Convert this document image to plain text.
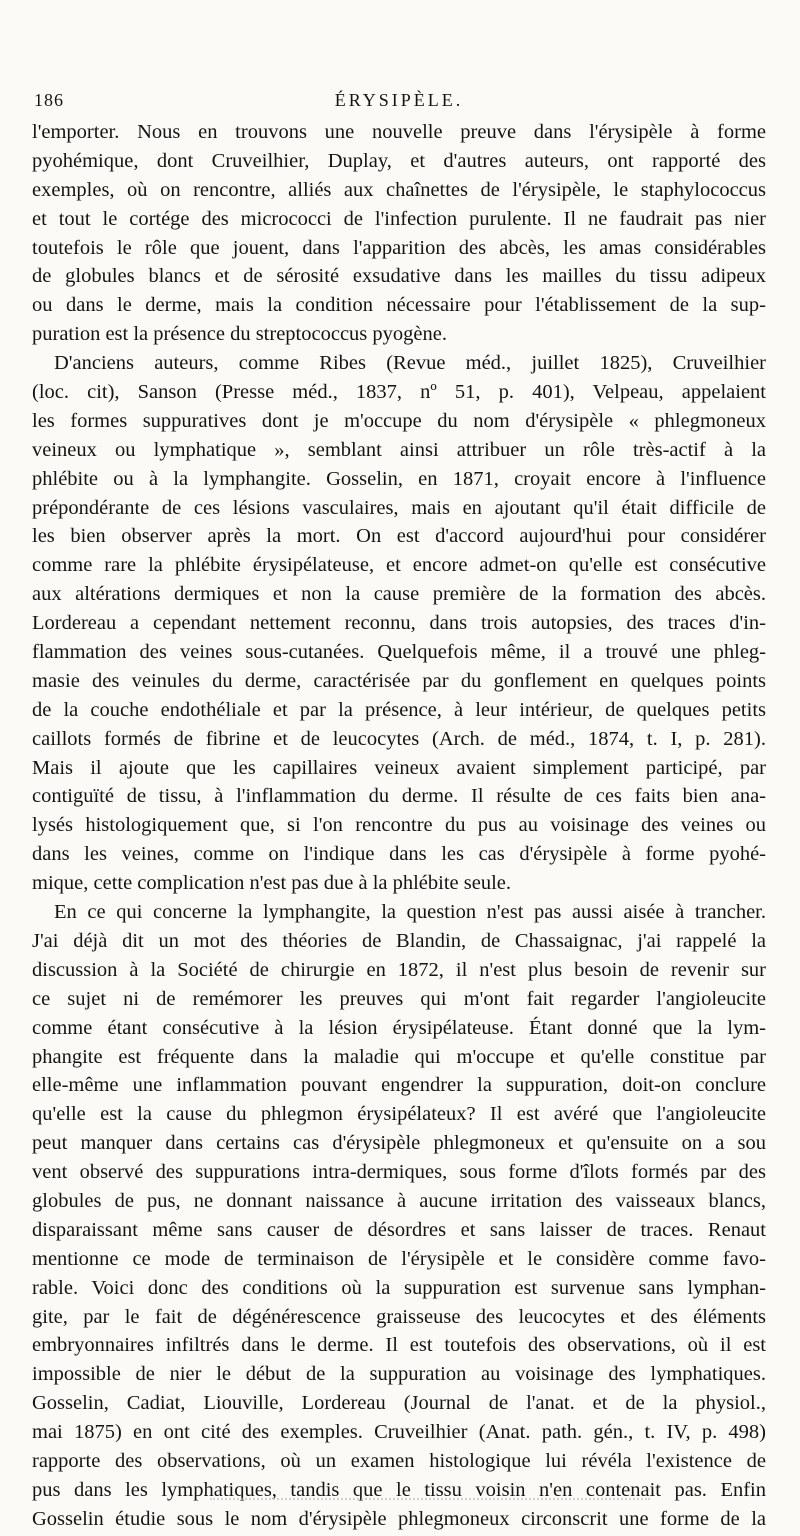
186	ÉRYSIPÈLE.

l'emporter. Nous en trouvons une nouvelle preuve dans l'érysipèle à forme
pyohémique, dont Cruveilhier, Duplay, et d'autres auteurs, ont rapporté des
exemples, où on rencontre, alliés aux chaînettes de l'érysipèle, le staphylococcus
et tout le cortége des micrococci de l'infection purulente. Il ne faudrait pas nier
toutefois le rôle que jouent, dans l'apparition des abcès, les amas considérables
de globules blancs et de sérosité exsudative dans les mailles du tissu adipeux
ou dans le derme, mais la condition nécessaire pour l'établissement de la sup-
puration est la présence du streptococcus pyogène.

D'anciens auteurs, comme Ribes (Revue méd., juillet 1825), Cruveilhier
(loc. cit), Sanson (Presse méd., 1837, nº 51, p. 401), Velpeau, appelaient
les formes suppuratives dont je m'occupe du nom d'érysipèle « phlegmoneux
veineux ou lymphatique », semblant ainsi attribuer un rôle très-actif à la
phlébite ou à la lymphangite. Gosselin, en 1871, croyait encore à l'influence
prépondérante de ces lésions vasculaires, mais en ajoutant qu'il était difficile de
les bien observer après la mort. On est d'accord aujourd'hui pour considérer
comme rare la phlébite érysipélateuse, et encore admet-on qu'elle est consécutive
aux altérations dermiques et non la cause première de la formation des abcès.
Lordereau a cependant nettement reconnu, dans trois autopsies, des traces d'in-
flammation des veines sous-cutanées. Quelquefois même, il a trouvé une phleg-
masie des veinules du derme, caractérisée par du gonflement en quelques points
de la couche endothéliale et par la présence, à leur intérieur, de quelques petits
caillots formés de fibrine et de leucocytes (Arch. de méd., 1874, t. I, p. 281).
Mais il ajoute que les capillaires veineux avaient simplement participé, par
contiguïté de tissu, à l'inflammation du derme. Il résulte de ces faits bien ana-
lysés histologiquement que, si l'on rencontre du pus au voisinage des veines ou
dans les veines, comme on l'indique dans les cas d'érysipèle à forme pyohé-
mique, cette complication n'est pas due à la phlébite seule.

En ce qui concerne la lymphangite, la question n'est pas aussi aisée à trancher.
J'ai déjà dit un mot des théories de Blandin, de Chassaignac, j'ai rappelé la
discussion à la Société de chirurgie en 1872, il n'est plus besoin de revenir sur
ce sujet ni de remémorer les preuves qui m'ont fait regarder l'angioleucite
comme étant consécutive à la lésion érysipélateuse. Étant donné que la lym-
phangite est fréquente dans la maladie qui m'occupe et qu'elle constitue par
elle-même une inflammation pouvant engendrer la suppuration, doit-on conclure
qu'elle est la cause du phlegmon érysipélateux? Il est avéré que l'angioleucite
peut manquer dans certains cas d'érysipèle phlegmoneux et qu'ensuite on a sou
vent observé des suppurations intra-dermiques, sous forme d'îlots formés par des
globules de pus, ne donnant naissance à aucune irritation des vaisseaux blancs,
disparaissant même sans causer de désordres et sans laisser de traces. Renaut
mentionne ce mode de terminaison de l'érysipèle et le considère comme favo-
rable. Voici donc des conditions où la suppuration est survenue sans lymphan-
gite, par le fait de dégénérescence graisseuse des leucocytes et des éléments
embryonnaires infiltrés dans le derme. Il est toutefois des observations, où il est
impossible de nier le début de la suppuration au voisinage des lymphatiques.
Gosselin, Cadiat, Liouville, Lordereau (Journal de l'anat. et de la physiol.,
mai 1875) en ont cité des exemples. Cruveilhier (Anat. path. gén., t. IV, p. 498)
rapporte des observations, où un examen histologique lui révéla l'existence de
pus dans les lymphatiques, tandis que le tissu voisin n'en contenait pas. Enfin
Gosselin étudie sous le nom d'érysipèle phlegmoneux circonscrit une forme de la
